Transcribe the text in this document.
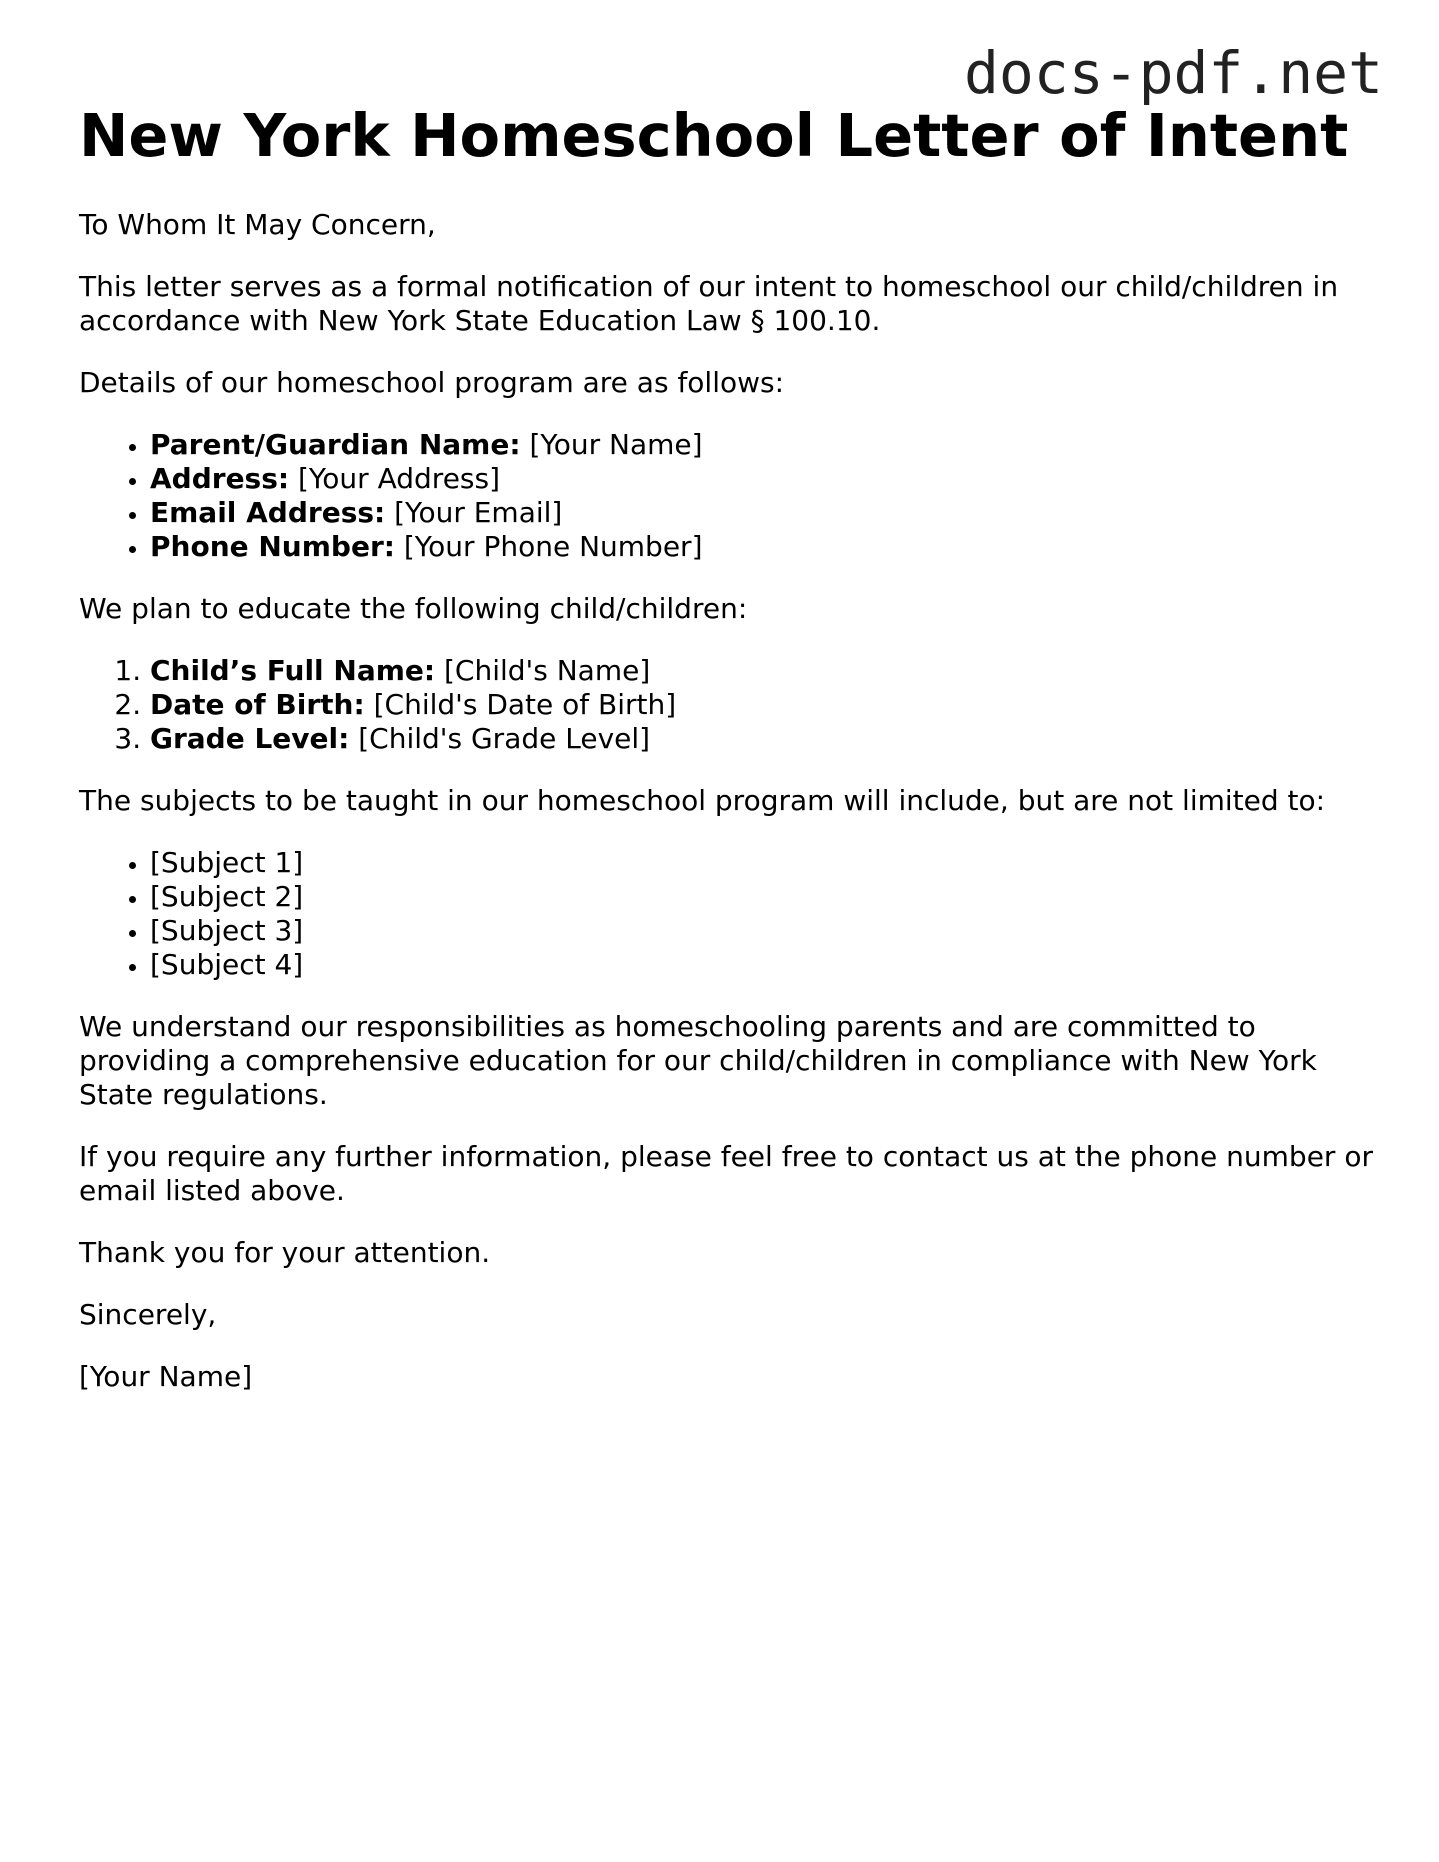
docs-pdf.net
New York Homeschool Letter of Intent

To Whom It May Concern,

This letter serves as a formal notification of our intent to homeschool our child/children in accordance with New York State Education Law § 100.10.

Details of our homeschool program are as follows:

• Parent/Guardian Name: [Your Name]
• Address: [Your Address]
• Email Address: [Your Email]
• Phone Number: [Your Phone Number]

We plan to educate the following child/children:

1. Child’s Full Name: [Child's Name]
2. Date of Birth: [Child's Date of Birth]
3. Grade Level: [Child's Grade Level]

The subjects to be taught in our homeschool program will include, but are not limited to:

• [Subject 1]
• [Subject 2]
• [Subject 3]
• [Subject 4]

We understand our responsibilities as homeschooling parents and are committed to providing a comprehensive education for our child/children in compliance with New York State regulations.

If you require any further information, please feel free to contact us at the phone number or email listed above.

Thank you for your attention.

Sincerely,

[Your Name]
